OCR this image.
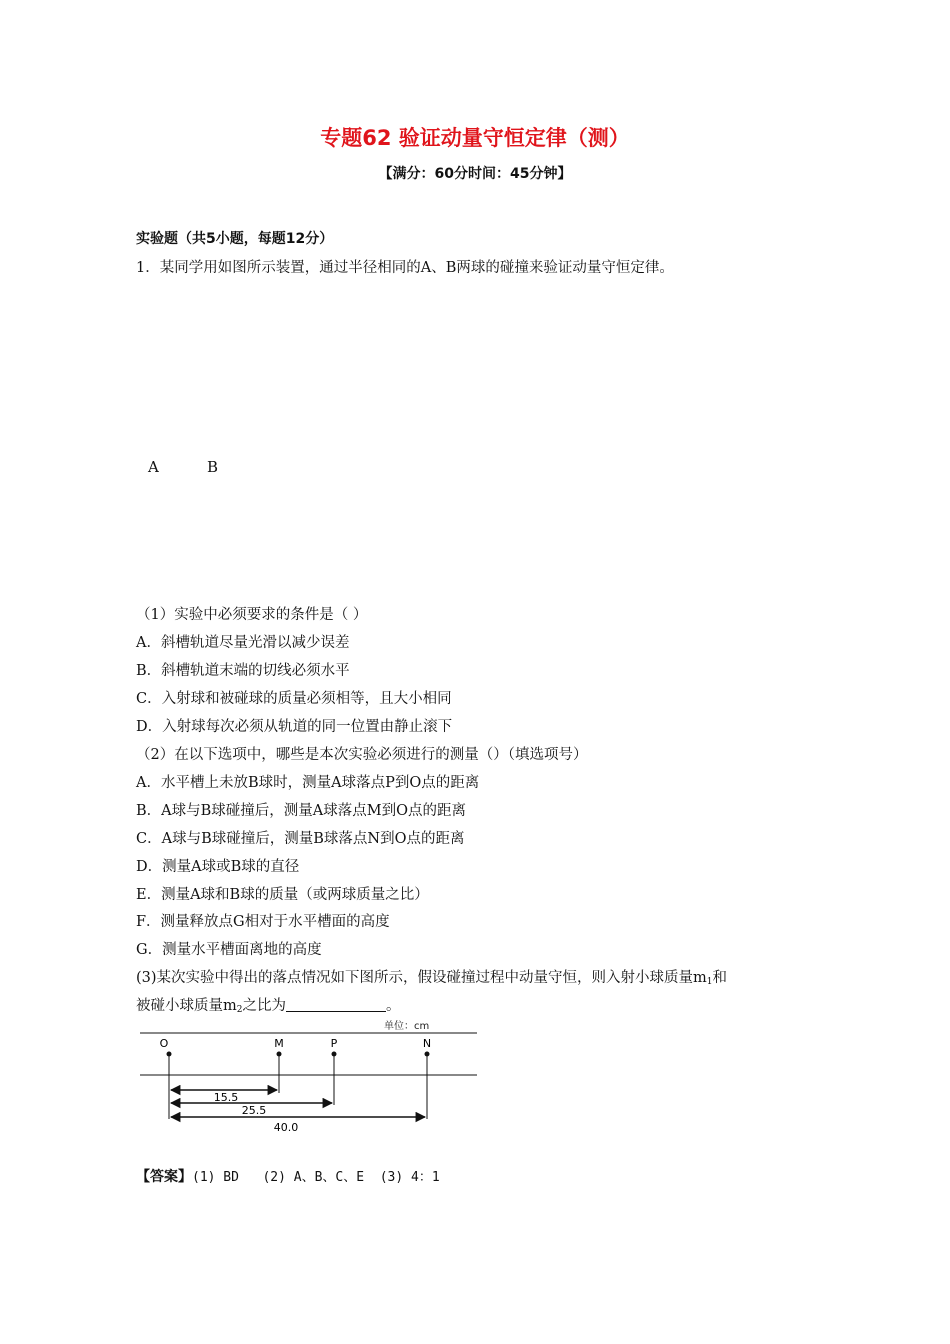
专题62 验证动量守恒定律（测）
【满分：60分时间：45分钟】
实验题（共5小题，每题12分）
1．某同学用如图所示装置，通过半径相同的A、B两球的碰撞来验证动量守恒定律。
A	B
（1）实验中必须要求的条件是（ ）
A．斜槽轨道尽量光滑以减少误差
B．斜槽轨道末端的切线必须水平
C．入射球和被碰球的质量必须相等，且大小相同
D．入射球每次必须从轨道的同一位置由静止滚下
（2）在以下选项中，哪些是本次实验必须进行的测量（）（填选项号）
A．水平槽上未放B球时，测量A球落点P到O点的距离
B．A球与B球碰撞后，测量A球落点M到O点的距离
C．A球与B球碰撞后，测量B球落点N到O点的距离
D．测量A球或B球的直径
E．测量A球和B球的质量（或两球质量之比）
F．测量释放点G相对于水平槽面的高度
G．测量水平槽面离地的高度
(3)某次实验中得出的落点情况如下图所示，假设碰撞过程中动量守恒，则入射小球质量$m_1$和
被碰小球质量$m_2$之比为	。
单位：cm
O	M	P	N
15.5
25.5
40.0
【答案】(1) BD   (2) A、B、C、E  (3) 4：1
